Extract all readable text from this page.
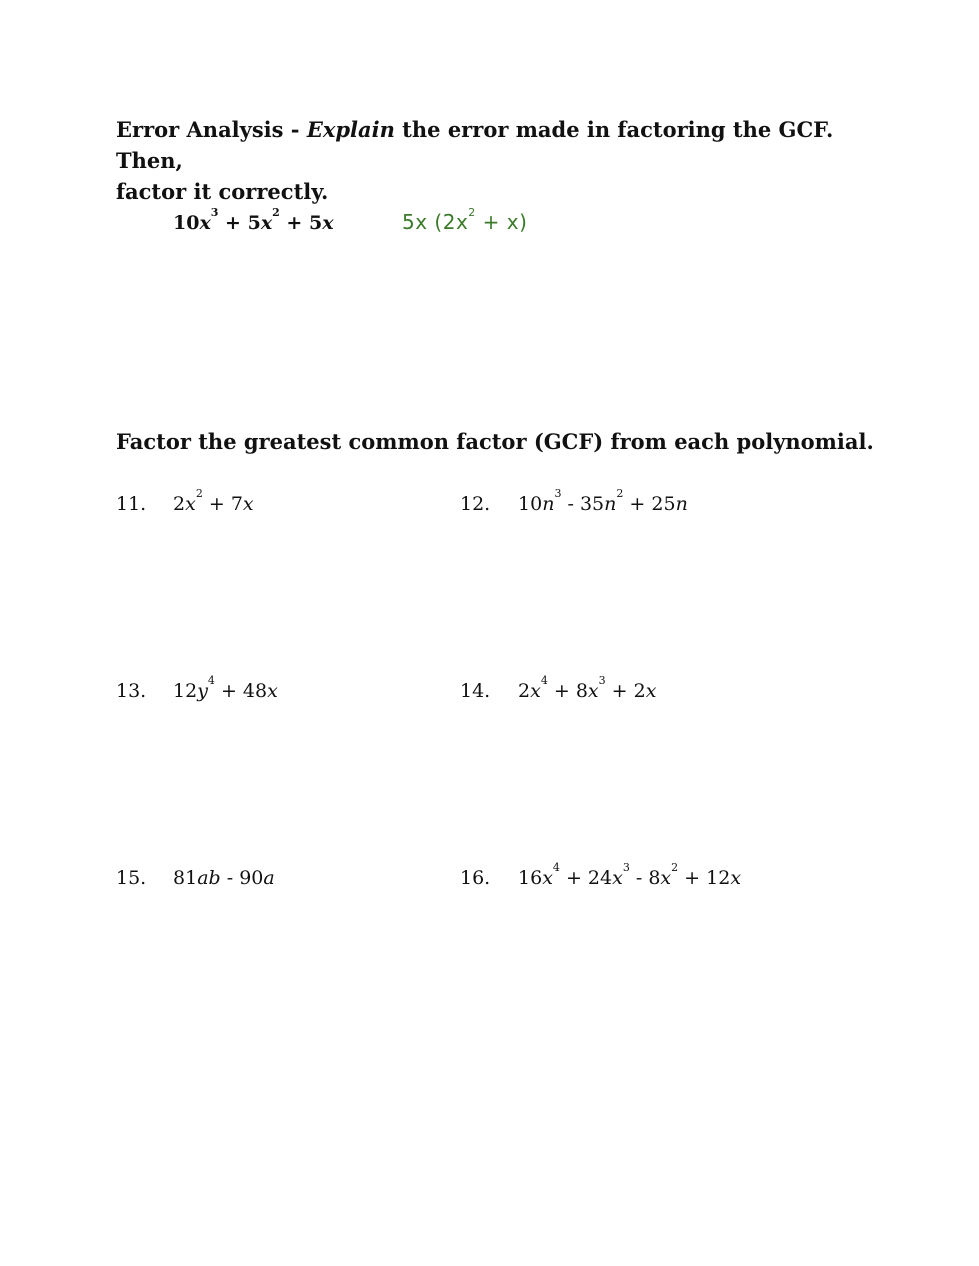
Error Analysis - Explain the error made in factoring the GCF. Then,
factor it correctly.

$10x^3 + 5x^2 + 5x$	5x $(2x^2 + x)$

Factor the greatest common factor (GCF) from each polynomial.

11. $2x^2 + 7x$	12. $10n^3 - 35n^2 + 25n$
13. $12y^4 + 48x$	14. $2x^4 + 8x^3 + 2x$
15. 81ab - 90a	16. $16x^4 + 24x^3 - 8x^2 + 12x$
